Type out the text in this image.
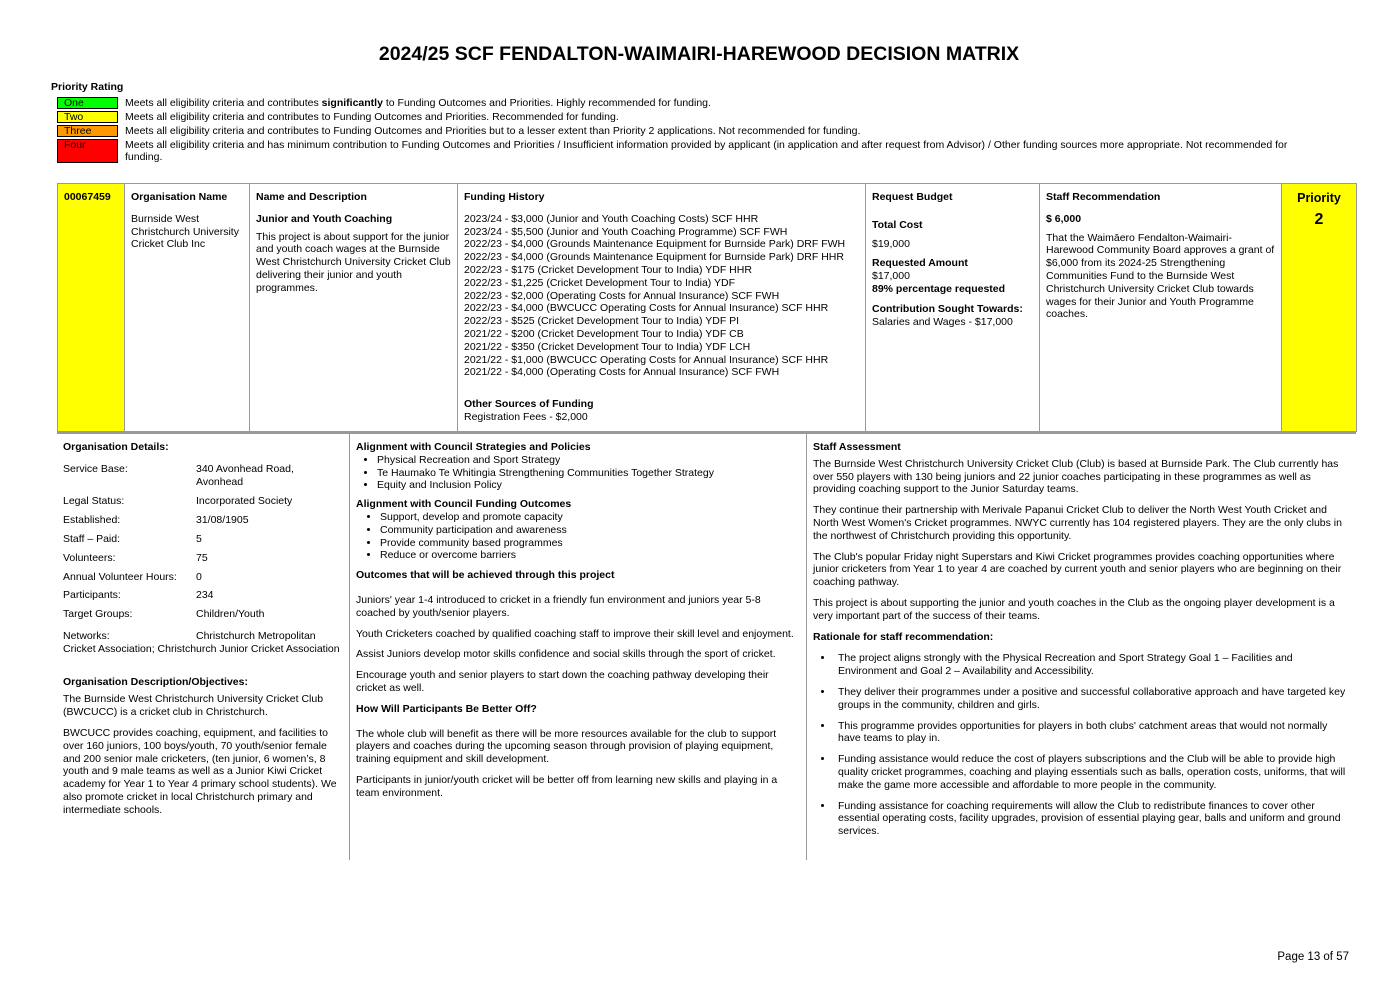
2024/25 SCF FENDALTON-WAIMAIRI-HAREWOOD DECISION MATRIX
Priority Rating
One	Meets all eligibility criteria and contributes significantly to Funding Outcomes and Priorities. Highly recommended for funding.
Two	Meets all eligibility criteria and contributes to Funding Outcomes and Priorities. Recommended for funding.
Three	Meets all eligibility criteria and contributes to Funding Outcomes and Priorities but to a lesser extent than Priority 2 applications. Not recommended for funding.
Four	Meets all eligibility criteria and has minimum contribution to Funding Outcomes and Priorities / Insufficient information provided by applicant (in application and after request from Advisor) / Other funding sources more appropriate. Not recommended for funding.
00067459	Organisation Name
Burnside West Christchurch University Cricket Club Inc

Name and Description
Junior and Youth Coaching
This project is about support for the junior and youth coach wages at the Burnside West Christchurch University Cricket Club delivering their junior and youth programmes.

Funding History
2023/24 - $3,000 (Junior and Youth Coaching Costs) SCF HHR
2023/24 - $5,500 (Junior and Youth Coaching Programme) SCF FWH
2022/23 - $4,000 (Grounds Maintenance Equipment for Burnside Park) DRF FWH
2022/23 - $4,000 (Grounds Maintenance Equipment for Burnside Park) DRF HHR
2022/23 - $175 (Cricket Development Tour to India) YDF HHR
2022/23 - $1,225 (Cricket Development Tour to India) YDF
2022/23 - $2,000 (Operating Costs for Annual Insurance) SCF FWH
2022/23 - $4,000 (BWCUCC Operating Costs for Annual Insurance) SCF HHR
2022/23 - $525 (Cricket Development Tour to India) YDF PI
2021/22 - $200 (Cricket Development Tour to India) YDF CB
2021/22 - $350 (Cricket Development Tour to India) YDF LCH
2021/22 - $1,000 (BWCUCC Operating Costs for Annual Insurance) SCF HHR
2021/22 - $4,000 (Operating Costs for Annual Insurance) SCF FWH
Other Sources of Funding
Registration Fees - $2,000

Request Budget
Total Cost
$19,000
Requested Amount
$17,000
89% percentage requested
Contribution Sought Towards:
Salaries and Wages - $17,000

Staff Recommendation
$ 6,000
That the Waimāero Fendalton-Waimairi-Harewood Community Board approves a grant of $6,000 from its 2024-25 Strengthening Communities Fund to the Burnside West Christchurch University Cricket Club towards wages for their Junior and Youth Programme coaches.

Priority
2
Organisation Details:
Service Base:	340 Avonhead Road, Avonhead
Legal Status:	Incorporated Society
Established:	31/08/1905
Staff – Paid:	5
Volunteers:	75
Annual Volunteer Hours:	0
Participants:	234
Target Groups:	Children/Youth
Networks:	Christchurch Metropolitan
Cricket Association; Christchurch Junior Cricket Association
Organisation Description/Objectives:

The Burnside West Christchurch University Cricket Club (BWCUCC) is a cricket club in Christchurch.

BWCUCC provides coaching, equipment, and facilities to over 160 juniors, 100 boys/youth, 70 youth/senior female and 200 senior male cricketers, (ten junior, 6 women’s, 8 youth and 9 male teams as well as a Junior Kiwi Cricket academy for Year 1 to Year 4 primary school students). We also promote cricket in local Christchurch primary and intermediate schools.

Alignment with Council Strategies and Policies
• Physical Recreation and Sport Strategy
• Te Haumako Te Whitingia Strengthening Communities Together Strategy
• Equity and Inclusion Policy
Alignment with Council Funding Outcomes
• Support, develop and promote capacity
• Community participation and awareness
• Provide community based programmes
• Reduce or overcome barriers
Outcomes that will be achieved through this project

Juniors' year 1-4 introduced to cricket in a friendly fun environment and juniors year 5-8 coached by youth/senior players.

Youth Cricketers coached by qualified coaching staff to improve their skill level and enjoyment.

Assist Juniors develop motor skills confidence and social skills through the sport of cricket.

Encourage youth and senior players to start down the coaching pathway developing their cricket as well.

How Will Participants Be Better Off?

The whole club will benefit as there will be more resources available for the club to support players and coaches during the upcoming season through provision of playing equipment, training equipment and skill development.

Participants in junior/youth cricket will be better off from learning new skills and playing in a team environment.

Staff Assessment

The Burnside West Christchurch University Cricket Club (Club) is based at Burnside Park. The Club currently has over 550 players with 130 being juniors and 22 junior coaches participating in these programmes as well as providing coaching support to the Junior Saturday teams.

They continue their partnership with Merivale Papanui Cricket Club to deliver the North West Youth Cricket and North West Women's Cricket programmes. NWYC currently has 104 registered players. They are the only clubs in the northwest of Christchurch providing this opportunity.

The Club's popular Friday night Superstars and Kiwi Cricket programmes provides coaching opportunities where junior cricketers from Year 1 to year 4 are coached by current youth and senior players who are beginning on their coaching pathway.

This project is about supporting the junior and youth coaches in the Club as the ongoing player development is a very important part of the success of their teams.

Rationale for staff recommendation:
• The project aligns strongly with the Physical Recreation and Sport Strategy Goal 1 – Facilities and Environment and Goal 2 – Availability and Accessibility.
• They deliver their programmes under a positive and successful collaborative approach and have targeted key groups in the community, children and girls.
• This programme provides opportunities for players in both clubs' catchment areas that would not normally have teams to play in.
• Funding assistance would reduce the cost of players subscriptions and the Club will be able to provide high quality cricket programmes, coaching and playing essentials such as balls, operation costs, uniforms, that will make the game more accessible and affordable to more people in the community.
• Funding assistance for coaching requirements will allow the Club to redistribute finances to cover other essential operating costs, facility upgrades, provision of essential playing gear, balls and uniform and ground services.
Page 13 of 57
